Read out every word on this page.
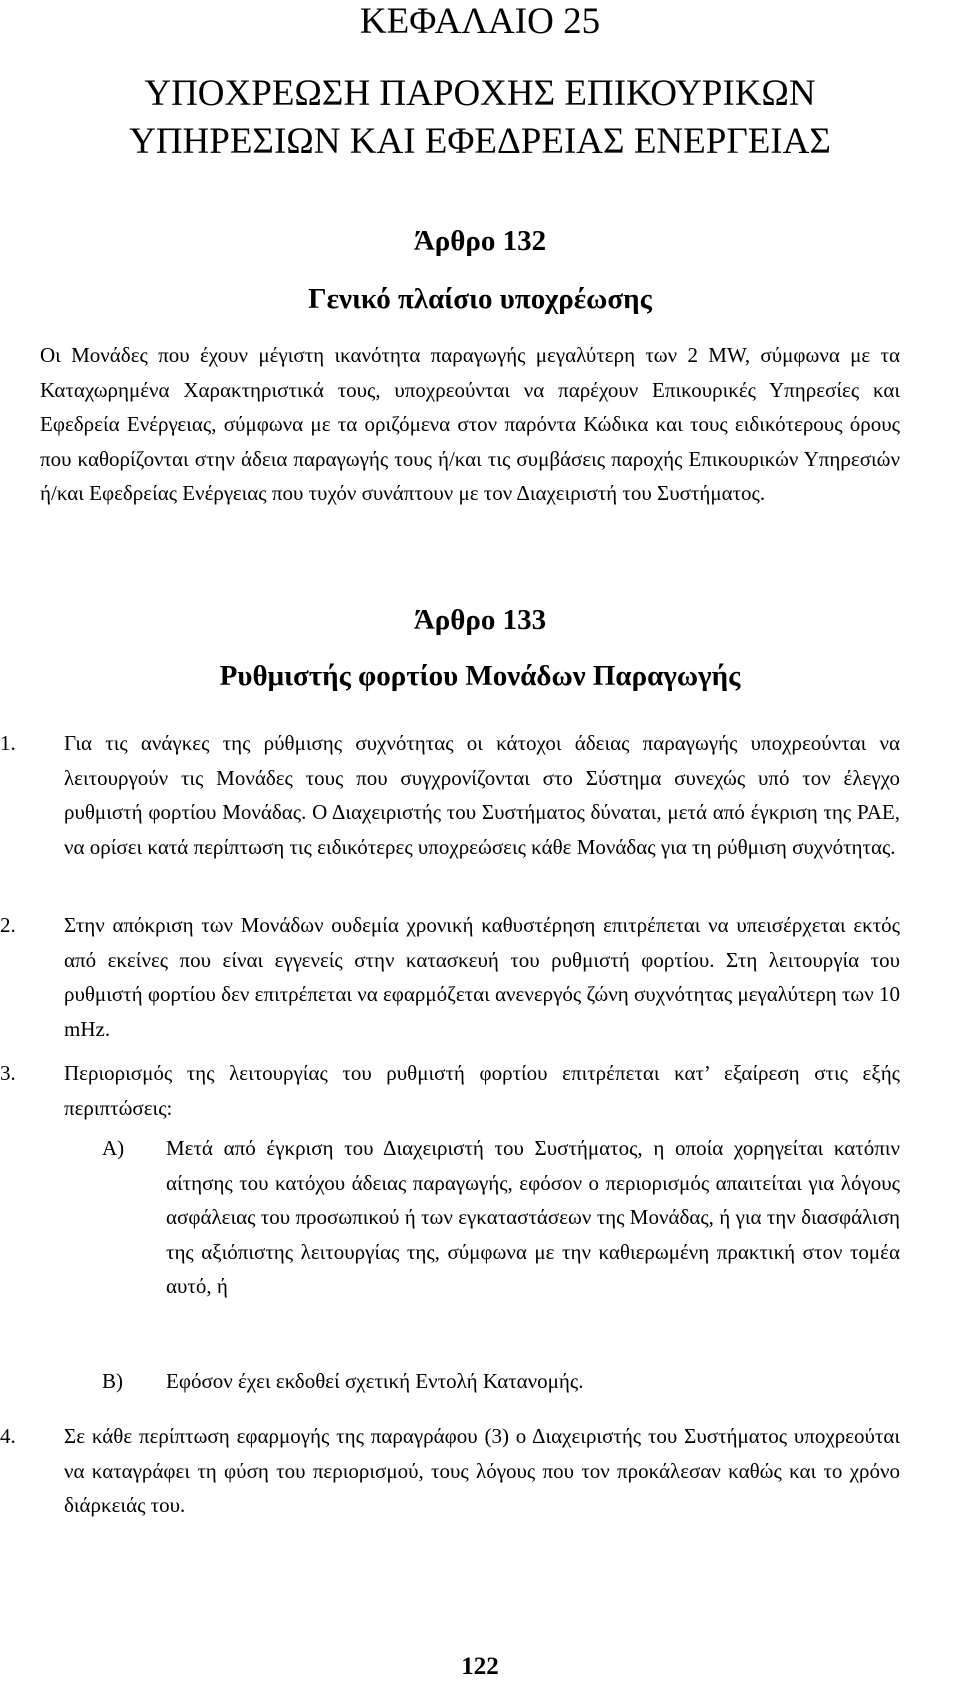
ΚΕΦΑΛΑΙΟ 25
ΥΠΟΧΡΕΩΣΗ ΠΑΡΟΧΗΣ ΕΠΙΚΟΥΡΙΚΩΝ
ΥΠΗΡΕΣΙΩΝ ΚΑΙ ΕΦΕΔΡΕΙΑΣ ΕΝΕΡΓΕΙΑΣ
Άρθρο 132
Γενικό πλαίσιο υποχρέωσης
Οι Μονάδες που έχουν μέγιστη ικανότητα παραγωγής μεγαλύτερη των 2 MW, σύμφωνα με τα Καταχωρημένα Χαρακτηριστικά τους, υποχρεούνται να παρέχουν Επικουρικές Υπηρεσίες και Εφεδρεία Ενέργειας, σύμφωνα με τα οριζόμενα στον παρόντα Κώδικα και τους ειδικότερους όρους που καθορίζονται στην άδεια παραγωγής τους ή/και τις συμβάσεις παροχής Επικουρικών Υπηρεσιών ή/και Εφεδρείας Ενέργειας που τυχόν συνάπτουν με τον Διαχειριστή του Συστήματος.
Άρθρο 133
Ρυθμιστής φορτίου Μονάδων Παραγωγής
1. Για τις ανάγκες της ρύθμισης συχνότητας οι κάτοχοι άδειας παραγωγής υποχρεούνται να λειτουργούν τις Μονάδες τους που συγχρονίζονται στο Σύστημα συνεχώς υπό τον έλεγχο ρυθμιστή φορτίου Μονάδας. Ο Διαχειριστής του Συστήματος δύναται, μετά από έγκριση της ΡΑΕ, να ορίσει κατά περίπτωση τις ειδικότερες υποχρεώσεις κάθε Μονάδας για τη ρύθμιση συχνότητας.
2. Στην απόκριση των Μονάδων ουδεμία χρονική καθυστέρηση επιτρέπεται να υπεισέρχεται εκτός από εκείνες που είναι εγγενείς στην κατασκευή του ρυθμιστή φορτίου. Στη λειτουργία του ρυθμιστή φορτίου δεν επιτρέπεται να εφαρμόζεται ανενεργός ζώνη συχνότητας μεγαλύτερη των 10 mHz.
3. Περιορισμός της λειτουργίας του ρυθμιστή φορτίου επιτρέπεται κατ’ εξαίρεση στις εξής περιπτώσεις:
Α) Μετά από έγκριση του Διαχειριστή του Συστήματος, η οποία χορηγείται κατόπιν αίτησης του κατόχου άδειας παραγωγής, εφόσον ο περιορισμός απαιτείται για λόγους ασφάλειας του προσωπικού ή των εγκαταστάσεων της Μονάδας, ή για την διασφάλιση της αξιόπιστης λειτουργίας της, σύμφωνα με την καθιερωμένη πρακτική στον τομέα αυτό, ή
Β) Εφόσον έχει εκδοθεί σχετική Εντολή Κατανομής.
4. Σε κάθε περίπτωση εφαρμογής της παραγράφου (3) ο Διαχειριστής του Συστήματος υποχρεούται να καταγράφει τη φύση του περιορισμού, τους λόγους που τον προκάλεσαν καθώς και το χρόνο διάρκειάς του.
122
